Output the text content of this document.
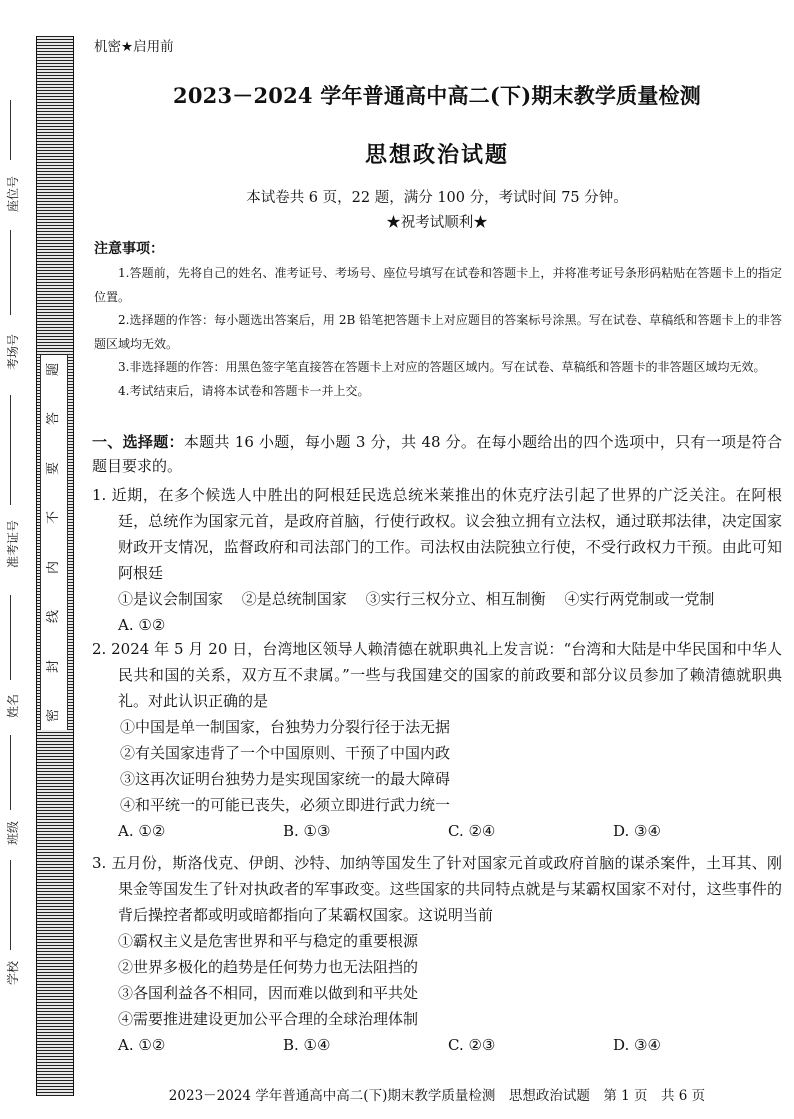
题
答
要
不
内
线
封
密
座位号
考场号
准考证号
姓名
班级
学校
机密★启用前
2023－2024 学年普通高中高二(下)期末教学质量检测
思想政治试题
本试卷共 6 页，22 题，满分 100 分，考试时间 75 分钟。
★祝考试顺利★
注意事项：
1.答题前，先将自己的姓名、准考证号、考场号、座位号填写在试卷和答题卡上，并将准考证号条形码粘贴在答题卡上的指定位置。
2.选择题的作答：每小题选出答案后，用 2B 铅笔把答题卡上对应题目的答案标号涂黑。写在试卷、草稿纸和答题卡上的非答题区域均无效。
3.非选择题的作答：用黑色签字笔直接答在答题卡上对应的答题区域内。写在试卷、草稿纸和答题卡的非答题区域均无效。
4.考试结束后，请将本试卷和答题卡一并上交。
一、选择题：本题共 16 小题，每小题 3 分，共 48 分。在每小题给出的四个选项中，只有一项是符合题目要求的。
1. 近期，在多个候选人中胜出的阿根廷民选总统米莱推出的休克疗法引起了世界的广泛关注。在阿根廷，总统作为国家元首，是政府首脑，行使行政权。议会独立拥有立法权，通过联邦法律，决定国家财政开支情况，监督政府和司法部门的工作。司法权由法院独立行使，不受行政权力干预。由此可知阿根廷
①是议会制国家 ②是总统制国家 ③实行三权分立、相互制衡 ④实行两党制或一党制
A. ①②
2. 2024 年 5 月 20 日，台湾地区领导人赖清德在就职典礼上发言说：“台湾和大陆是中华民国和中华人民共和国的关系，双方互不隶属。”一些与我国建交的国家的前政要和部分议员参加了赖清德就职典礼。对此认识正确的是
①中国是单一制国家，台独势力分裂行径于法无据
②有关国家违背了一个中国原则、干预了中国内政
③这再次证明台独势力是实现国家统一的最大障碍
④和平统一的可能已丧失，必须立即进行武力统一
A. ①②	B. ①③	C. ②④	D. ③④
3. 五月份，斯洛伐克、伊朗、沙特、加纳等国发生了针对国家元首或政府首脑的谋杀案件，土耳其、刚果金等国发生了针对执政者的军事政变。这些国家的共同特点就是与某霸权国家不对付，这些事件的背后操控者都或明或暗都指向了某霸权国家。这说明当前
①霸权主义是危害世界和平与稳定的重要根源
②世界多极化的趋势是任何势力也无法阻挡的
③各国利益各不相同，因而难以做到和平共处
④需要推进建设更加公平合理的全球治理体制
A. ①②	B. ①④	C. ②③	D. ③④
2023－2024 学年普通高中高二(下)期末教学质量检测　思想政治试题　第 1 页　共 6 页
